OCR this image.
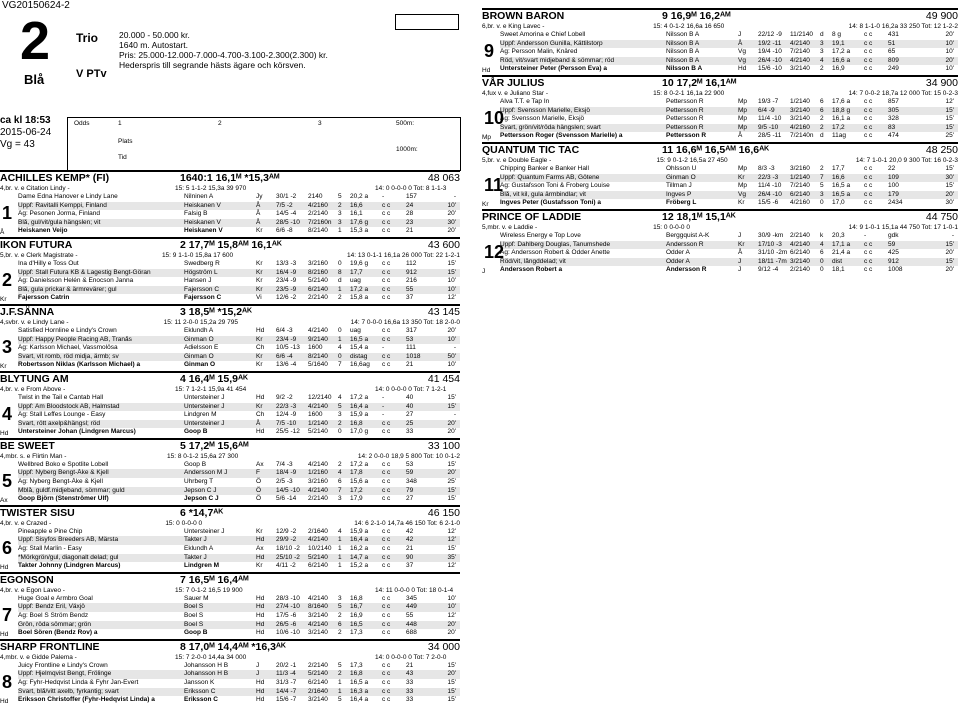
VG20150624-2
2
Blå
Trio
V PTv
20.000 - 50.000 kr.
1640 m. Autostart.
Pris: 25.000-12.000-7.000-4.700-3.100-2.300(2.300) kr.
Hederspris till segrande hästs ägare och körsven.
ca kl 18:53
2015-06-24
Vg = 43
Odds	1	2	3	500m:
Plats
Tid
1000m:
ACHILLES KEMP* (FI)	1640:1 16,1ᴹ *15,3ᴬᴹ	48 063
4,br. v. e Citation Lindy -	15: 5 1-1-2 15,3a 39 970	14: 0 0-0-0 0 Tot: 8 1-1-3
1
Å
Dame Edna Hanover e Lindy Lane	Nilninen A	Jy	30/1 -2	2140	5	20,2 a	-	157	-
Uppf: Ravitalli Kemppi, Finland	Heiskanen V	Å	7/5 -2	4/2160	2	16,6	c c	24	10'
Äg: Pesonen Jorma, Finland	Falsig B	Å	14/5 -4	2/2140	3	16,1	c c	28	20'
Blå, gul/vit/gula hängslen; vit	Heiskanen V	Å	28/5 -10	7/2160n	3	17,6 g	c c	23	30'
Heiskanen Veijo	Heiskanen V	Kr	6/6 -8	8/2140	1	15,3 a	c c	21	20'
IKON FUTURA	2 17,7ᴹ 15,8ᴬᴹ 16,1ᴬᴷ	43 600
5,br. v. e Clerk Magistrate -	15: 9 1-1-0 15,8a 17 600	14: 13 0-1-1 16,1a 26 000 Tot: 22 1-2-1
2
Kr
Ina d'Hilly e Toss Out	Swedberg R	Kr	13/3 -3	3/2160	0	19,6 g	c c	112	15'
Uppf: Stall Futura KB & Lagestig Bengt-Göran	Högström L	Kr	16/4 -9	8/2160	8	17,7	c c	912	15'
Äg: Danielsson Helén & Enocson Janna	Hansen J	Kr	23/4 -9	5/2140	d	uag	c c	216	10'
Blå, gula prickar & ärmrevärer; gul	Fajersson C	Kr	23/5 -9	6/2140	1	17,2 a	c c	55	10'
Fajersson Catrin	Fajersson C	Vi	12/6 -2	2/2140	2	15,8 a	c c	37	12'
J.F.SÄNNA	3 18,5ᴹ *15,2ᴬᴷ	43 145
4,svbr. v. e Lindy Lane -	15: 11 2-0-0 15,2a 29 795	14: 7 0-0-0 16,6a 13 350 Tot: 18 2-0-0
3
Kr
Satisfied Hornline e Lindy's Crown	Eklundh A	Hd	6/4 -3	4/2140	0	uag	c c	317	20'
Uppf: Happy People Racing AB, Tranås	Ginman O	Kr	23/4 -9	9/2140	1	16,5 a	c c	53	10'
Äg: Karlsson Michael, Vassmolösa	Adielsson E	Ch	10/5 -13	1600	4	15,4 a	-	111	-
Svart, vit romb, röd midja, ärmb; sv	Ginman O	Kr	6/6 -4	8/2140	0	distag	c c	1018	50'
Robertsson Niklas (Karlsson Michael) a	Ginman O	Kr	13/6 -4	5/1640	7	16,6ag	c c	21	10'
BLYTUNG AM	4 16,4ᴹ 15,9ᴬᴷ	41 454
4,br. v. e From Above -	15: 7 1-2-1 15,9a 41 454	14: 0 0-0-0 0 Tot: 7 1-2-1
4
Hd
Twist in the Tail e Cantab Hall	Untersteiner J	Hd	9/2 -2	12/2140	4	17,2 a	-	40	15'
Uppf: Am Bloodstock AB, Halmstad	Untersteiner J	Kr	22/3 -3	4/2140	5	16,4 a	-	40	15'
Äg: Stall Leffes Lounge - Easy	Lindgren M	Ch	12/4 -9	1600	3	15,9 a	-	27	-
Svart, rött axelp&hängsl; röd	Untersteiner J	Å	7/5 -10	1/2140	2	16,8	c c	25	20'
Untersteiner Johan (Lindgren Marcus)	Goop B	Hd	25/5 -12	5/2140	0	17,0 g	c c	33	20'
BE SWEET	5 17,2ᴹ 15,6ᴬᴹ	33 100
4,mbr. s. e Flirtin Man -	15: 8 0-1-2 15,6a 27 300	14: 2 0-0-0 18,9 5 800 Tot: 10 0-1-2
5
Ax
Wellbred Boko e Spotlite Lobell	Goop B	Ax	7/4 -3	4/2140	2	17,2 a	c c	53	15'
Uppf: Nyberg Bengt-Åke & Kjell	Andersson M J	F	18/4 -9	1/2160	4	17,8	c c	59	20'
Äg: Nyberg Bengt-Åke & Kjell	Uhrberg T	Ö	2/5 -3	3/2160	6	15,6 a	c c	348	25'
Mblå, guldf.midjeband, sömmar; guld	Jepson C J	Ö	14/5 -10	4/2140	7	17,2	c c	79	15'
Goop Björn (Stenströmer Ulf)	Jepson C J	Ö	5/6 -14	2/2140	3	17,9	c c	27	15'
TWISTER SISU	6 *14,7ᴬᴷ	46 150
4,br. v. e Crazed -	15: 0 0-0-0 0	14: 6 2-1-0 14,7a 46 150 Tot: 6 2-1-0
6
Hd
Pineapple e Pine Chip	Untersteiner J	Kr	12/9 -2	2/1640	4	15,9 a	c c	42	12'
Uppf: Sisyfos Breeders AB, Märsta	Takter J	Hd	29/9 -2	4/2140	1	16,4 a	c c	42	12'
Äg: Stall Marlin - Easy	Eklundh A	Ax	18/10 -2	10/2140	1	16,2 a	c c	21	15'
*Mörkgrön/gul, diagonalt delad; gul	Takter J	Hd	25/10 -2	5/2140	1	14,7 a	c c	90	35'
Takter Johnny (Lindgren Marcus)	Lindgren M	Kr	4/11 -2	6/2140	1	15,2 a	c c	37	12'
EGONSON	7 16,5ᴹ 16,4ᴬᴹ
4,br. v. e Egon Laveo -	15: 7 0-1-2 16,5 19 900	14: 11 0-0-0 0 Tot: 18 0-1-4
7
Hd
Huge Goal e Armbro Goal	Sauer M	Hd	28/3 -10	4/2140	3	16,8	c c	345	10'
Uppf: Bendz Eril, Växjö	Boel S	Hd	27/4 -10	8/1640	5	16,7	c c	449	10'
Äg: Boel S Ström Bendz	Boel S	Hd	17/5 -6	3/2140	2	16,9	c c	55	12'
Grön, röda sömmar; grön	Boel S	Hd	26/5 -6	4/2140	6	16,5	c c	448	20'
Boel Sören (Bendz Rov) a	Goop B	Hd	10/6 -10	3/2140	2	17,3	c c	688	20'
SHARP FRONTLINE	8 17,0ᴹ 14,4ᴬᴹ *16,3ᴬᴷ	34 000
4,mbr. v. e Gidde Palema -	15: 7 2-0-0 14,4a 34 000	14: 0 0-0-0 0 Tot: 7 2-0-0
8
Hd
Juicy Frontline e Lindy's Crown	Johansson H B	J	20/2 -1	2/2140	5	17,3	c c	21	15'
Uppf: Hjelmqvist Bengt, Frölinge	Johansson H B	J	11/3 -4	5/2140	2	16,8	c c	43	20'
Äg: Fyhr-Hedqvist Linda & Fyhr Jan-Evert	Jansson K	Hd	31/3 -7	6/2140	1	16,5 a	c c	33	15'
Svart, blå/vitt axelb, fyrkantig; svart	Eriksson C	Hd	14/4 -7	2/1640	1	16,3 a	c c	33	15'
Eriksson Christoffer (Fyhr-Hedqvist Linda) a	Eriksson C	Hd	15/6 -7	3/2140	5	16,4 a	c c	33	15'
BROWN BARON	9 16,9ᴹ 16,2ᴬᴹ	49 900
6,br. v. e King Lavec -	15: 4 0-1-2 16,6a 16 650	14: 8 1-1-0 16,2a 33 250 Tot: 12 1-2-2
9
Hd
Sweet Amorina e Chief Lobell	Nilsson B A	J	22/12 -9	11/2140	d	8 g	c c	431	20'
Uppf: Andersson Gunilla, Kättilstorp	Nilsson B A	Å	19/2 -11	4/2140	3	19,1	c c	51	10'
Äg: Persson Malin, Knäred	Nilsson B A	Vg	19/4 -10	7/2140	3	17,2 a	c c	65	10'
Röd, vit/svart midjeband & sömmar; röd	Nilsson B A	Vg	26/4 -10	4/2140	4	16,6 a	c c	809	20'
Untersteiner Peter (Persson Eva) a	Nilsson B A	Hd	15/6 -10	3/2140	2	16,9	c c	249	10'
VÅR JULIUS	10 17,2ᴹ 16,1ᴬᴹ	34 900
4,fux v. e Juliano Star -	15: 8 0-2-1 16,1a 22 900	14: 7 0-0-2 18,7a 12 000 Tot: 15 0-2-3
10
Mp
Alva T.T. e Tap In	Pettersson R	Mp	19/3 -7	1/2140	6	17,6 a	c c	857	12'
Uppf: Svensson Marielle, Eksjö	Pettersson R	Mp	6/4 -9	3/2140	6	18,8 g	c c	305	15'
Äg: Svensson Marielle, Eksjö	Pettersson R	Mp	11/4 -10	3/2140	2	16,1 a	c c	328	15'
Svart, grön/vit/röda hängslen; svart	Pettersson R	Mp	9/5 -10	4/2160	2	17,2	c c	83	15'
Pettersson Roger (Svensson Marielle) a	Pettersson R	Å	28/5 -11	7/2140n	d	11ag	c c	474	25'
QUANTUM TIC TAC	11 16,6ᴹ 16,5ᴬᴹ 16,6ᴬᴷ	48 250
5,br. v. e Double Eagle -	15: 9 0-1-2 16,5a 27 450	14: 7 1-0-1 20,0 9 300 Tot: 16 0-2-3
11
Kr
Chipping Banker e Banker Hall	Ohlsson U	Mp	8/3 -3	3/2160	2	17,7	c c	22	15'
Uppf: Quantum Farms AB, Götene	Ginman O	Kr	22/3 -3	1/2140	7	16,6	c c	109	30'
Äg: Gustafsson Toni & Froberg Louise	Tillman J	Mp	11/4 -10	7/2140	5	16,5 a	c c	100	15'
Blå, vit kil, gula ärmbindlar; vit	Ingves P	Vg	26/4 -10	6/2140	3	16,5 a	c c	179	20'
Ingves Peter (Gustafsson Toni) a	Fröberg L	Kr	15/5 -6	4/2160	0	17,0	c c	2434	30'
PRINCE OF LADDIE	12 18,1ᴹ 15,1ᴬᴷ	44 750
5,mbr. v. e Laddie -	15: 0 0-0-0 0	14: 9 1-0-1 15,1a 44 750 Tot: 17 1-0-1
12
J
Wireless Energy e Top Love	Berggquist A-K	J	30/9 -km	2/2140	k	20,3	-	gdk	-
Uppf: Dahlberg Douglas, Tanumshede	Andersson R	Kr	17/10 -3	4/2140	4	17,1 a	c c	59	15'
Äg: Andersson Robert & Odder Anette	Odder A	Å	31/10 -2m 6/2140	6	21,4 a	c c	425	20'
Röd/vit, långddelad; vit	Odder A	J	18/11 -7m 3/2140	0	dist	c c	912	15'
Andersson Robert a	Andersson R	J	9/12 -4	2/2140	0	18,1	c c	1008	20'
